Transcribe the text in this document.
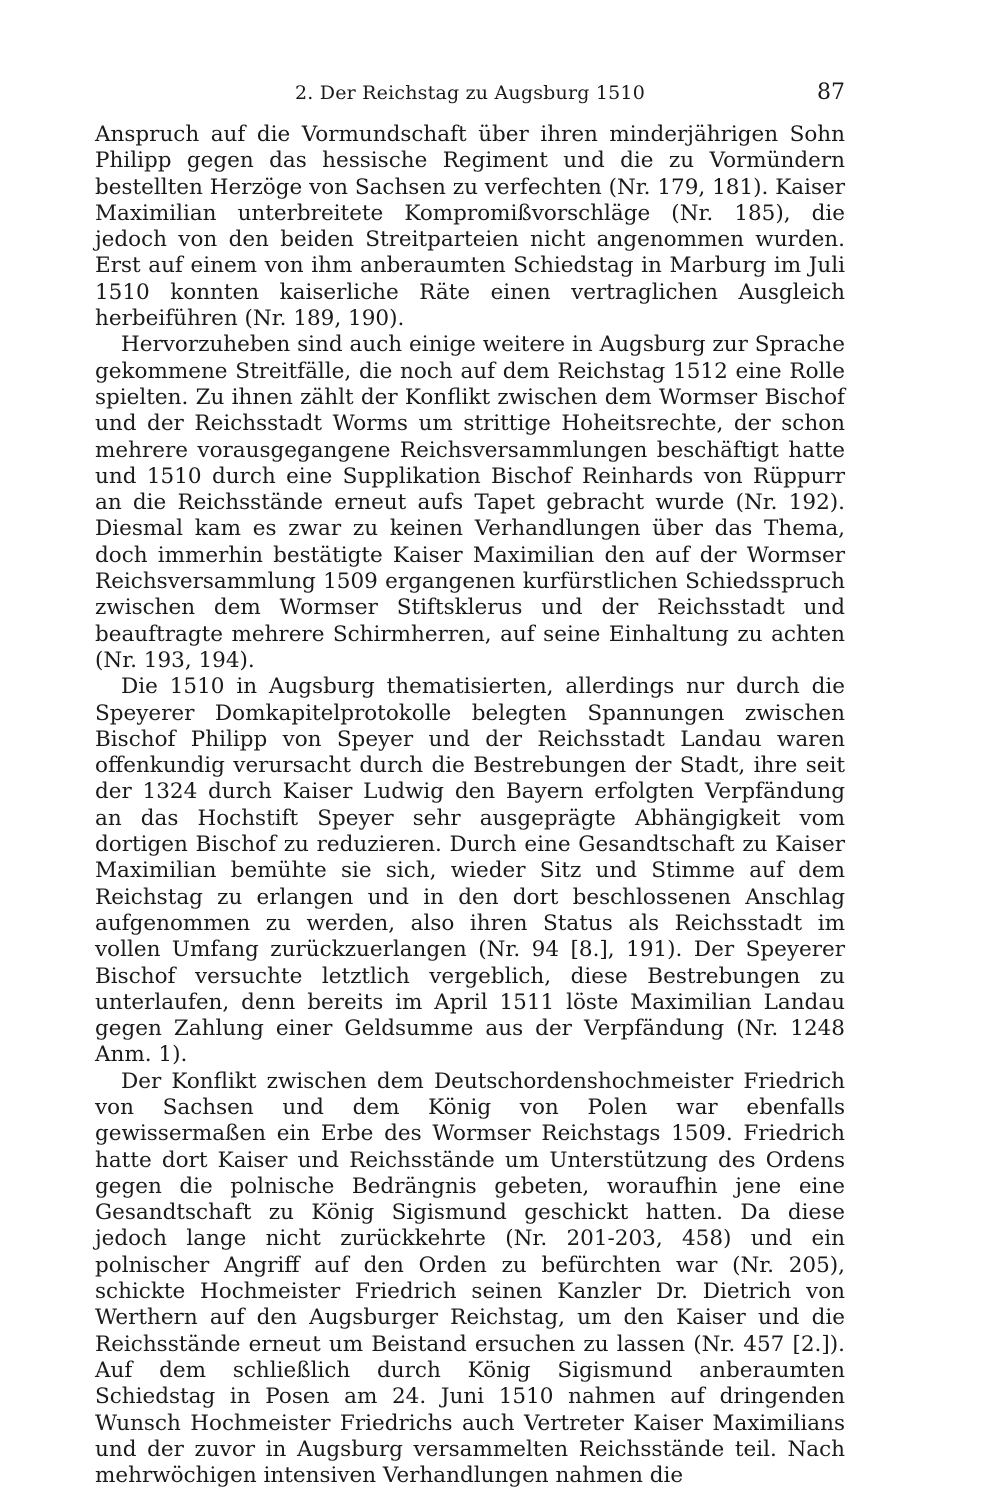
2. Der Reichstag zu Augsburg 1510	87

Anspruch auf die Vormundschaft über ihren minderjährigen Sohn Philipp gegen das hessische Regiment und die zu Vormündern bestellten Herzöge von Sachsen zu verfechten (Nr. 179, 181). Kaiser Maximilian unterbreitete Kompromißvorschläge (Nr. 185), die jedoch von den beiden Streitparteien nicht angenommen wurden. Erst auf einem von ihm anberaumten Schiedstag in Marburg im Juli 1510 konnten kaiserliche Räte einen vertraglichen Ausgleich herbeiführen (Nr. 189, 190).

Hervorzuheben sind auch einige weitere in Augsburg zur Sprache gekommene Streitfälle, die noch auf dem Reichstag 1512 eine Rolle spielten. Zu ihnen zählt der Konflikt zwischen dem Wormser Bischof und der Reichsstadt Worms um strittige Hoheitsrechte, der schon mehrere vorausgegangene Reichsversammlungen beschäftigt hatte und 1510 durch eine Supplikation Bischof Reinhards von Rüppurr an die Reichsstände erneut aufs Tapet gebracht wurde (Nr. 192). Diesmal kam es zwar zu keinen Verhandlungen über das Thema, doch immerhin bestätigte Kaiser Maximilian den auf der Wormser Reichsversammlung 1509 ergangenen kurfürstlichen Schiedsspruch zwischen dem Wormser Stiftsklerus und der Reichsstadt und beauftragte mehrere Schirmherren, auf seine Einhaltung zu achten (Nr. 193, 194).

Die 1510 in Augsburg thematisierten, allerdings nur durch die Speyerer Domkapitelprotokolle belegten Spannungen zwischen Bischof Philipp von Speyer und der Reichsstadt Landau waren offenkundig verursacht durch die Bestrebungen der Stadt, ihre seit der 1324 durch Kaiser Ludwig den Bayern erfolgten Verpfändung an das Hochstift Speyer sehr ausgeprägte Abhängigkeit vom dortigen Bischof zu reduzieren. Durch eine Gesandtschaft zu Kaiser Maximilian bemühte sie sich, wieder Sitz und Stimme auf dem Reichstag zu erlangen und in den dort beschlossenen Anschlag aufgenommen zu werden, also ihren Status als Reichsstadt im vollen Umfang zurückzuerlangen (Nr. 94 [8.], 191). Der Speyerer Bischof versuchte letztlich vergeblich, diese Bestrebungen zu unterlaufen, denn bereits im April 1511 löste Maximilian Landau gegen Zahlung einer Geldsumme aus der Verpfändung (Nr. 1248 Anm. 1).

Der Konflikt zwischen dem Deutschordenshochmeister Friedrich von Sachsen und dem König von Polen war ebenfalls gewissermaßen ein Erbe des Wormser Reichstags 1509. Friedrich hatte dort Kaiser und Reichsstände um Unterstützung des Ordens gegen die polnische Bedrängnis gebeten, woraufhin jene eine Gesandtschaft zu König Sigismund geschickt hatten. Da diese jedoch lange nicht zurückkehrte (Nr. 201-203, 458) und ein polnischer Angriff auf den Orden zu befürchten war (Nr. 205), schickte Hochmeister Friedrich seinen Kanzler Dr. Dietrich von Werthern auf den Augsburger Reichstag, um den Kaiser und die Reichsstände erneut um Beistand ersuchen zu lassen (Nr. 457 [2.]). Auf dem schließlich durch König Sigismund anberaumten Schiedstag in Posen am 24. Juni 1510 nahmen auf dringenden Wunsch Hochmeister Friedrichs auch Vertreter Kaiser Maximilians und der zuvor in Augsburg versammelten Reichsstände teil. Nach mehrwöchigen intensiven Verhandlungen nahmen die
